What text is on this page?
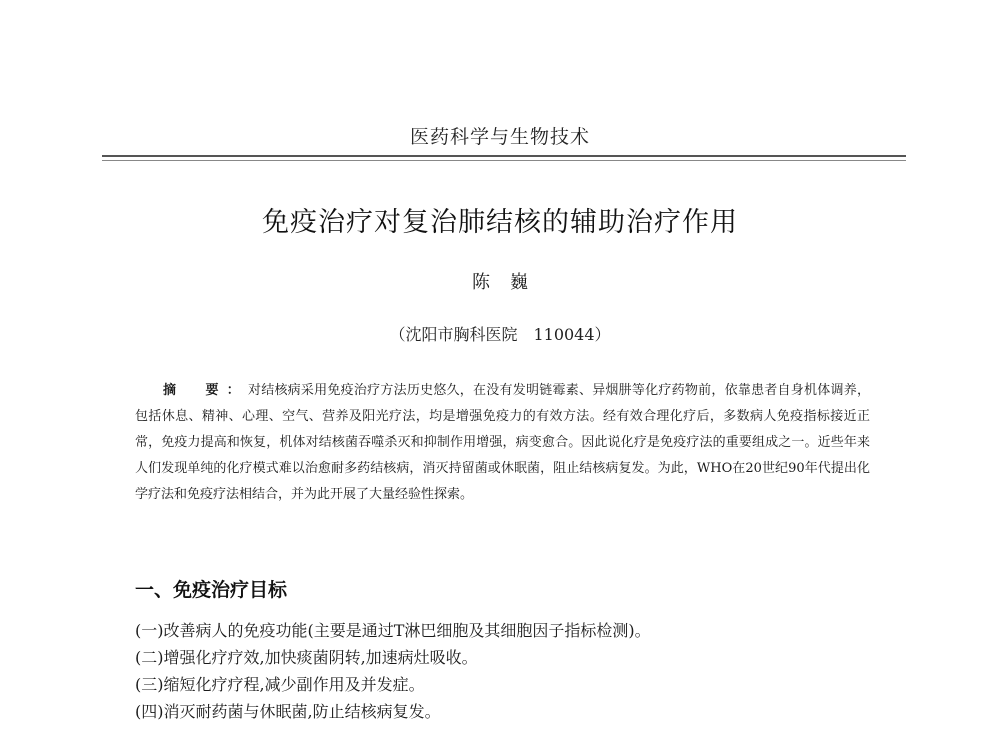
医药科学与生物技术
免疫治疗对复治肺结核的辅助治疗作用
陈巍
（沈阳市胸科医院　110044）
摘　要：对结核病采用免疫治疗方法历史悠久，在没有发明链霉素、异烟肼等化疗药物前，依靠患者自身机体调养，包括休息、精神、心理、空气、营养及阳光疗法，均是增强免疫力的有效方法。经有效合理化疗后，多数病人免疫指标接近正常，免疫力提高和恢复，机体对结核菌吞噬杀灭和抑制作用增强，病变愈合。因此说化疗是免疫疗法的重要组成之一。近些年来人们发现单纯的化疗模式难以治愈耐多药结核病，消灭持留菌或休眠菌，阻止结核病复发。为此，WHO在20世纪90年代提出化学疗法和免疫疗法相结合，并为此开展了大量经验性探索。
一、免疫治疗目标
(一)改善病人的免疫功能(主要是通过T淋巴细胞及其细胞因子指标检测)。
(二)增强化疗疗效,加快痰菌阴转,加速病灶吸收。
(三)缩短化疗疗程,减少副作用及并发症。
(四)消灭耐药菌与休眠菌,防止结核病复发。
